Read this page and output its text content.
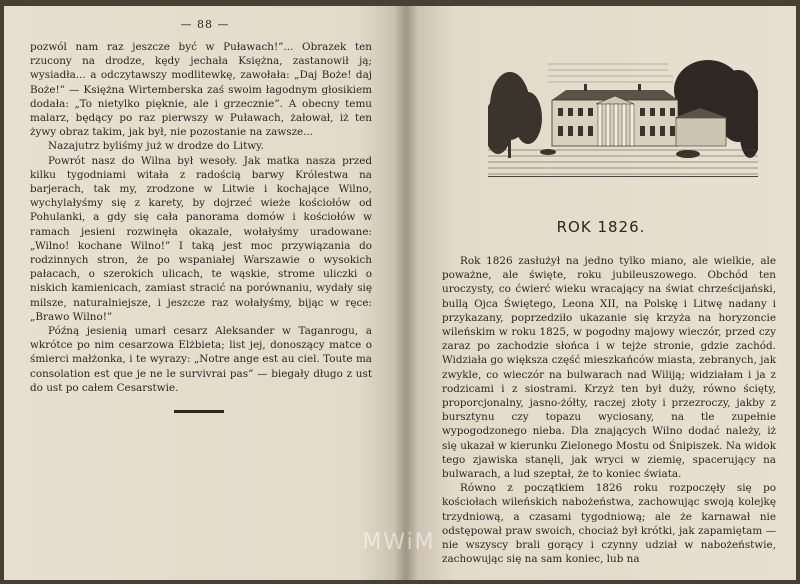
— 88 —

pozwól nam raz jeszcze być w Puławach!”... Obrazek ten rzucony na drodze, kędy jechała Księżna, zastanowił ją; wysiadła... a odczytawszy modlitewkę, zawołała: „Daj Boże! daj Boże!” — Księżna Wirtemberska zaś swoim łagodnym głosikiem dodała: „To nietylko pięknie, ale i grzecznie”. A obecny temu malarz, będący po raz pierwszy w Puławach, żałował, iż ten żywy obraz takim, jak był, nie pozostanie na zawsze...

Nazajutrz byliśmy już w drodze do Litwy.

Powrót nasz do Wilna był wesoły. Jak matka nasza przed kilku tygodniami witała z radością barwy Królestwa na barjerach, tak my, zrodzone w Litwie i kochające Wilno, wychylałyśmy się z karety, by dojrzeć wieże kościołów od Pohulanki, a gdy się cała panorama domów i kościołów w ramach jesieni rozwinęła okazale, wołałyśmy uradowane: „Wilno! kochane Wilno!” I taką jest moc przywiązania do rodzinnych stron, że po wspaniałej Warszawie o wysokich pałacach, o szerokich ulicach, te wąskie, strome uliczki o niskich kamienicach, zamiast stracić na porównaniu, wydały się milsze, naturalniejsze, i jeszcze raz wołałyśmy, bijąc w ręce: „Brawo Wilno!”

Późną jesienią umarł cesarz Aleksander w Taganrogu, a wkrótce po nim cesarzowa Elżbieta; list jej, donoszący matce o śmierci małżonka, i te wyrazy: „Notre ange est au ciel. Toute ma consolation est que je ne le survivrai pas” — biegały długo z ust do ust po całem Cesarstwie.

ROK 1826.

Rok 1826 zasłużył na jedno tylko miano, ale wielkie, ale poważne, ale święte, roku jubileuszowego. Obchód ten uroczysty, co ćwierć wieku wracający na świat chrześcijański, bullą Ojca Świętego, Leona XII, na Polskę i Litwę nadany i przykazany, poprzedziło ukazanie się krzyża na horyzoncie wileńskim w roku 1825, w pogodny majowy wieczór, przed czy zaraz po zachodzie słońca i w tejże stronie, gdzie zachód. Widziała go większa część mieszkańców miasta, zebranych, jak zwykle, co wieczór na bulwarach nad Wiliją; widziałam i ja z rodzicami i z siostrami. Krzyż ten był duży, równo ścięty, proporcjonalny, jasno-żółty, raczej złoty i przezroczy, jakby z bursztynu czy topazu wyciosany, na tle zupełnie wypogodzonego nieba. Dla znających Wilno dodać należy, iż się ukazał w kierunku Zielonego Mostu od Śnipiszek. Na widok tego zjawiska stanęli, jak wryci w ziemię, spacerujący na bulwarach, a lud szeptał, że to koniec świata.

Równo z początkiem 1826 roku rozpoczęły się po kościołach wileńskich nabożeństwa, zachowując swoją kolejkę trzydniową, a czasami tygodniową; ale że karnawał nie odstępował praw swoich, chociaż był krótki, jak zapamiętam — nie wszyscy brali gorący i czynny udział w nabożeństwie, zachowując się na sam koniec, lub na

MWiM
